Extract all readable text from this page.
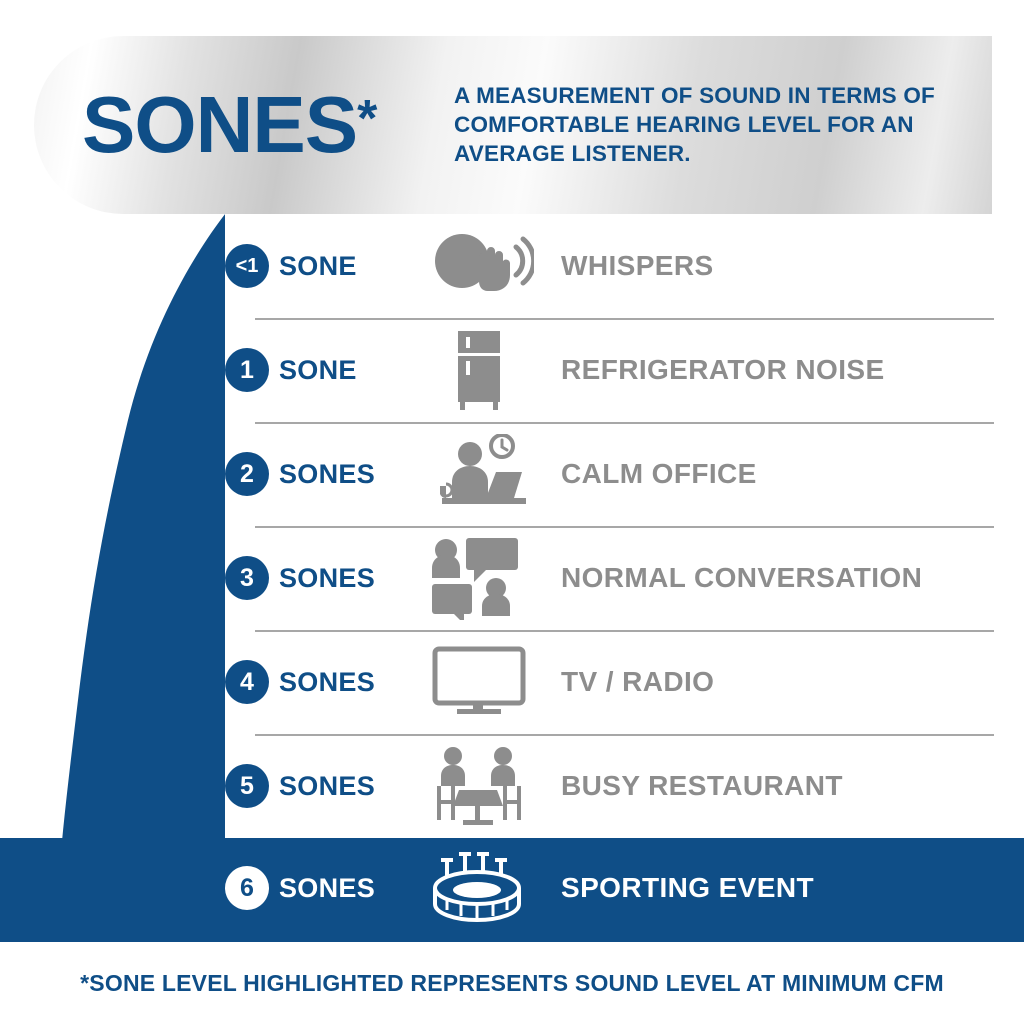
SONES *	A MEASUREMENT OF SOUND IN TERMS OF COMFORTABLE HEARING LEVEL FOR AN AVERAGE LISTENER.
<1 SONE	WHISPERS
1 SONE	REFRIGERATOR NOISE
2 SONES	CALM OFFICE
3 SONES	NORMAL CONVERSATION
4 SONES	TV / RADIO
5 SONES	BUSY RESTAURANT
6 SONES	SPORTING EVENT
*SONE LEVEL HIGHLIGHTED REPRESENTS SOUND LEVEL AT MINIMUM CFM
